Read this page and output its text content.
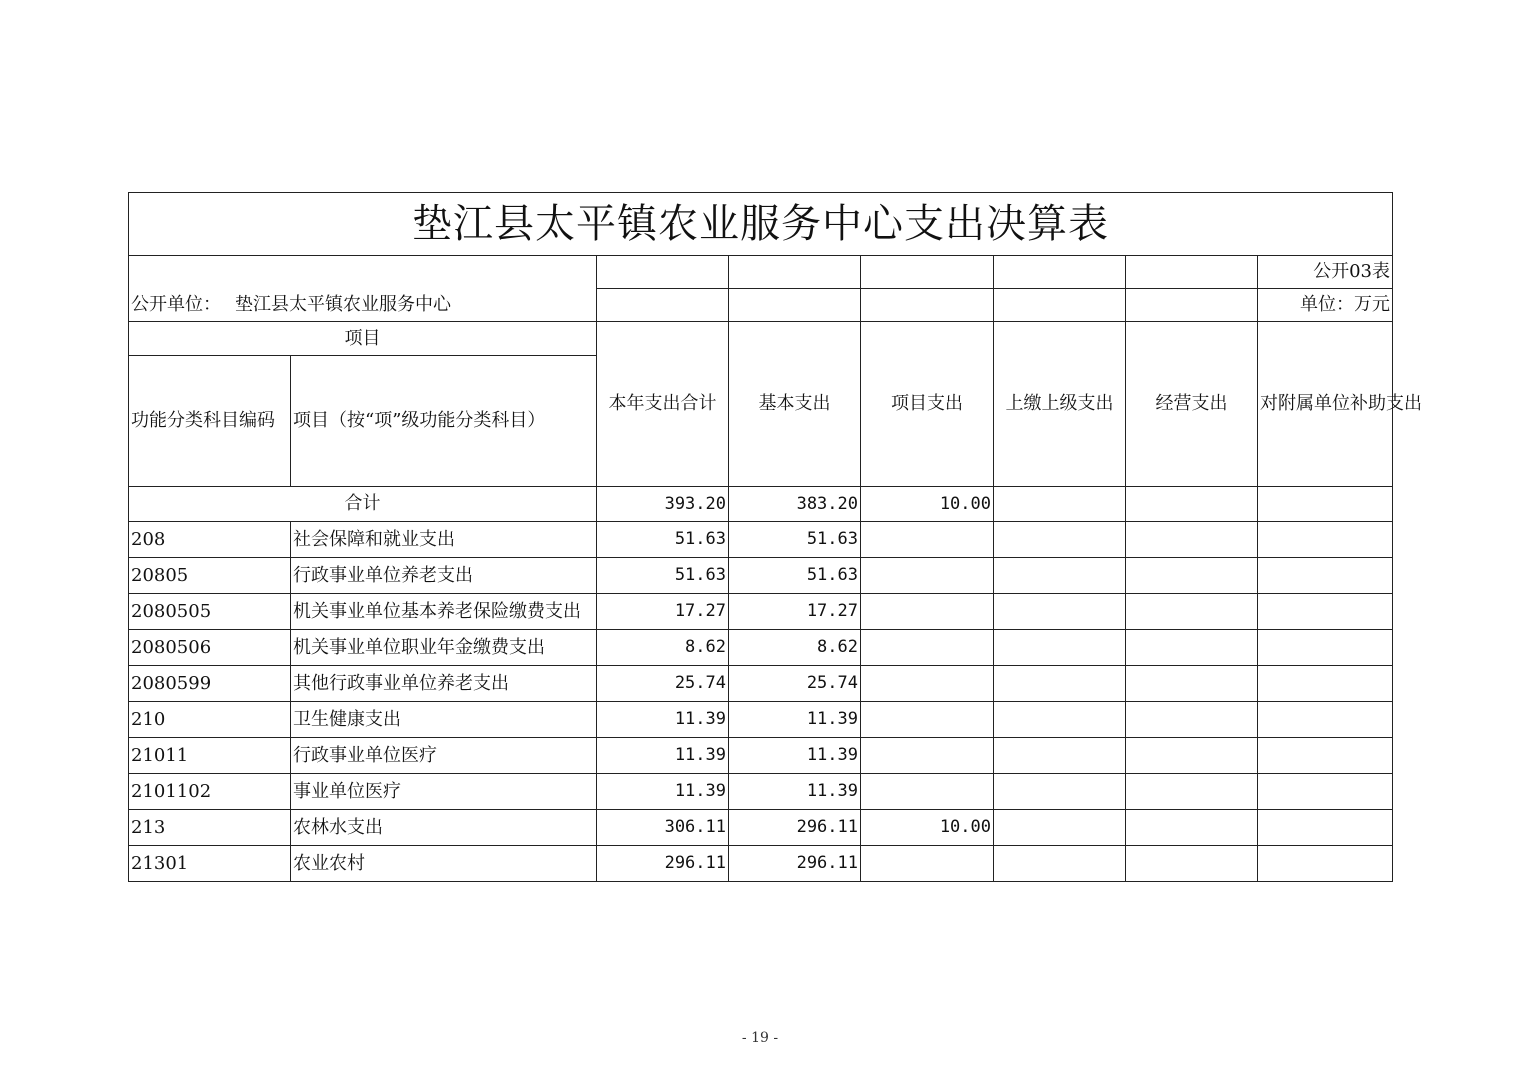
垫江县太平镇农业服务中心支出决算表							
							公开03表
公开单位： 垫江县太平镇农业服务中心							单位：万元
项目		本年支出合计	基本支出	项目支出	上缴上级支出	经营支出	对附属单位补助支出
功能分类科目编码	项目（按“项”级功能分类科目）						
合计		393.20	383.20	10.00			
208	社会保障和就业支出	51.63	51.63				
20805	行政事业单位养老支出	51.63	51.63				
2080505	机关事业单位基本养老保险缴费支出	17.27	17.27				
2080506	机关事业单位职业年金缴费支出	8.62	8.62				
2080599	其他行政事业单位养老支出	25.74	25.74				
210	卫生健康支出	11.39	11.39				
21011	行政事业单位医疗	11.39	11.39				
2101102	事业单位医疗	11.39	11.39				
213	农林水支出	306.11	296.11	10.00			
21301	农业农村	296.11	296.11				
- 19 -
